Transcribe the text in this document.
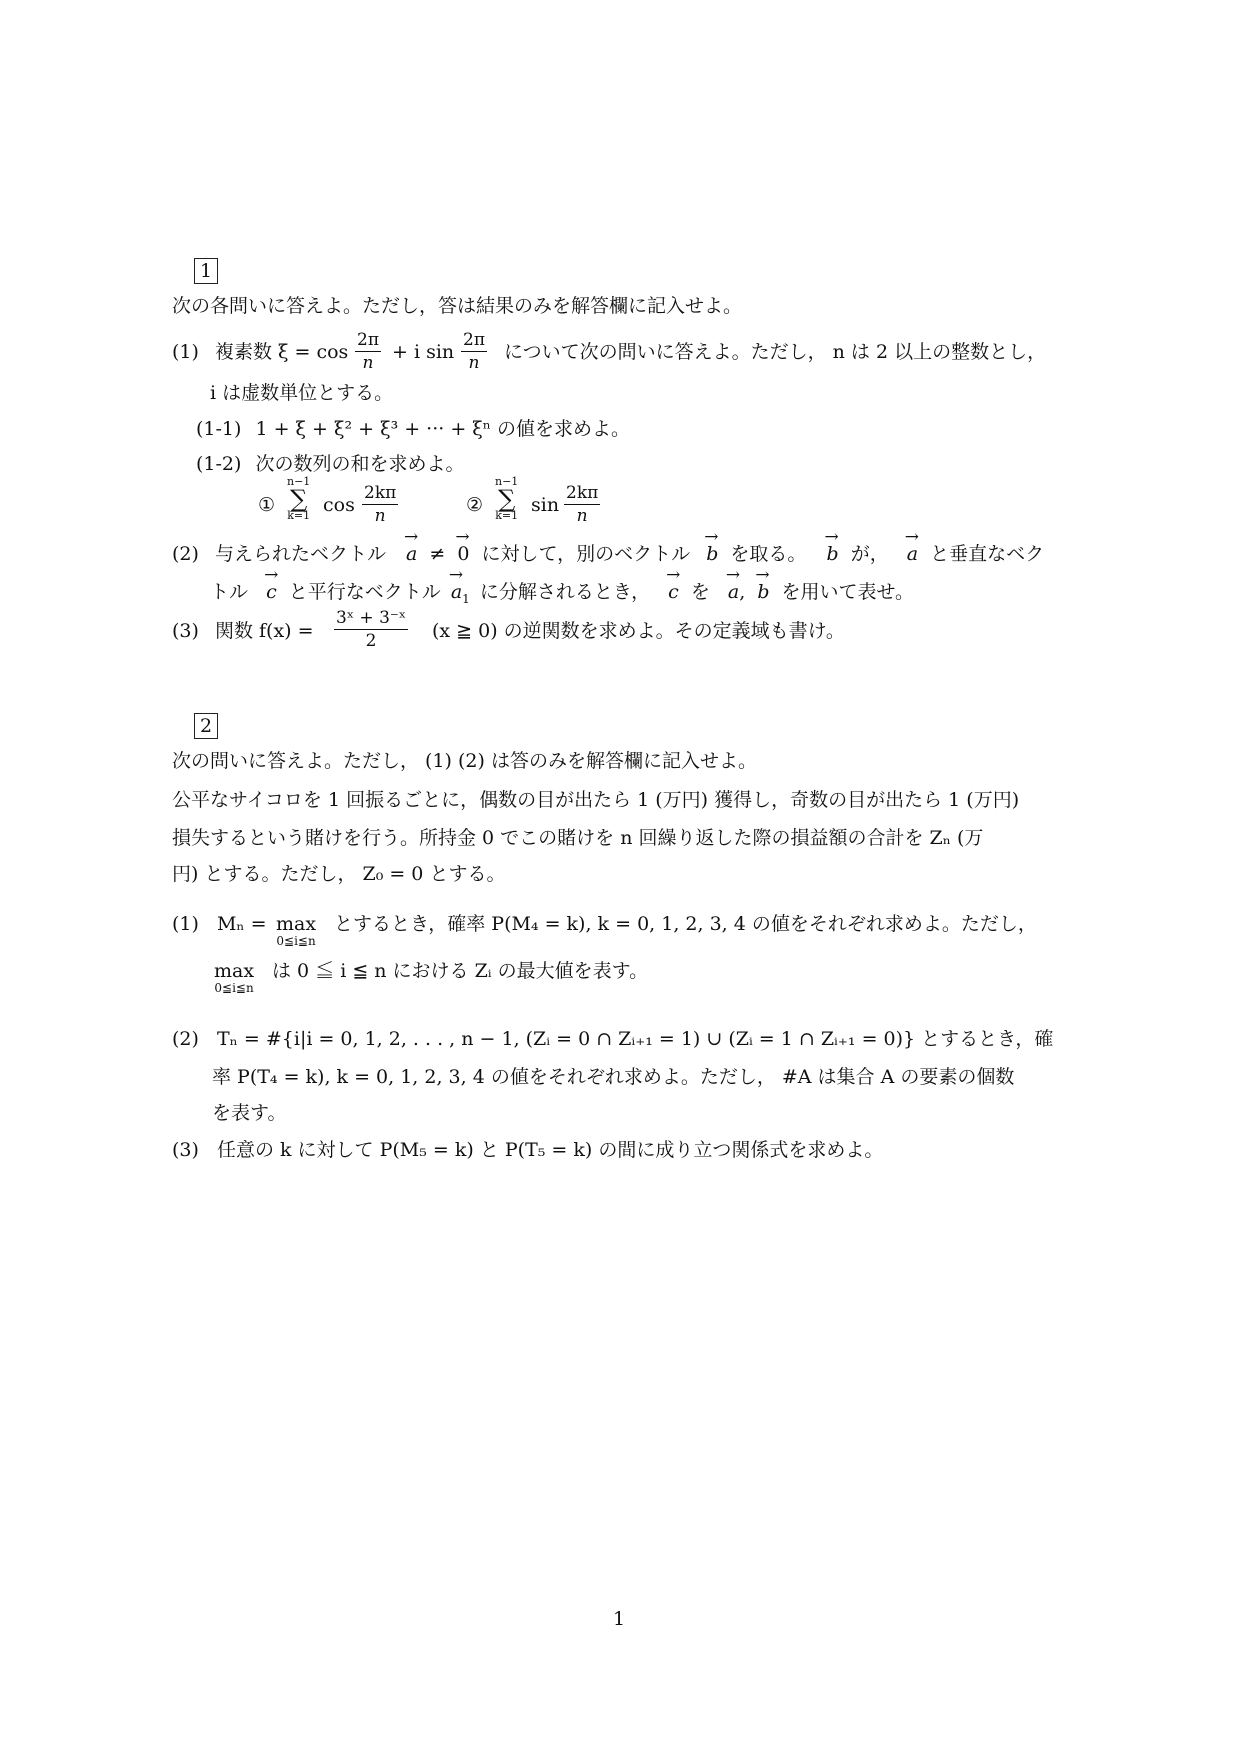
1
次の各問いに答えよ。ただし，答は結果のみを解答欄に記入せよ。
(1) 複素数 $\xi = \cos \frac{2\pi}{n} + i$ $\sin \frac{2\pi}{n}$ について次の問いに答えよ。ただし， n は 2 以上の整数とし，
i は虚数単位とする。
(1-1) 1 + ξ + ξ² + ξ³ + ··· + ξⁿ の値を求めよ。
(1-2) 次の数列の和を求めよ。
①
n−1
∑
k=1 $\cos \frac{2k\pi}{n}$	②
n−1
∑
k=1 $\sin \frac{2k\pi}{n}$
(2) 与えられたベクトル → a ≠ → 0 に対して，別のベクトル → b を取る。 → b が， → a と垂直なベク
トル → c と平行なベクトル → $a_1$ に分解されるとき， → c を → a, → b を用いて表せ。
(3) 関数 $f(x) = \frac{\text{3ˣ + 3⁻ˣ}}{2} (x$ ≧ 0) の逆関数を求めよ。その定義域も書け。
2
次の問いに答えよ。ただし， (1) (2) は答のみを解答欄に記入せよ。
公平なサイコロを 1 回振るごとに，偶数の目が出たら 1 (万円) 獲得し，奇数の目が出たら 1 (万円)
損失するという賭けを行う。所持金 0 でこの賭けを n 回繰り返した際の損益額の合計を Zₙ (万
円) とする。ただし， Z₀ = 0 とする。
(1) Mₙ = max
0≦i≦n
とするとき，確率 P(M₄ = k), k = 0, 1, 2, 3, 4 の値をそれぞれ求めよ。ただし，
max
0≦i≦n
は 0 ≦ i ≦ n における Zᵢ の最大値を表す。
(2) Tₙ = #{i|i = 0, 1, 2, . . . , n − 1, (Zᵢ = 0 ∩ Zᵢ₊₁ = 1) ∪ (Zᵢ = 1 ∩ Zᵢ₊₁ = 0)} とするとき，確
率 P(T₄ = k), k = 0, 1, 2, 3, 4 の値をそれぞれ求めよ。ただし， #A は集合 A の要素の個数
を表す。
(3) 任意の k に対して P(M₅ = k) と P(T₅ = k) の間に成り立つ関係式を求めよ。
1
